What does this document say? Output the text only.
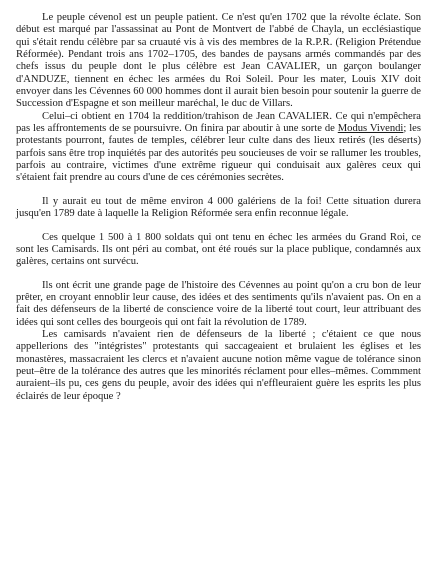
Le peuple cévenol est un peuple patient. Ce n'est qu'en 1702 que la révolte éclate. Son début est marqué par l'assassinat au Pont de Montvert de l'abbé de Chayla, un ecclésiastique qui s'était rendu célèbre par sa cruauté vis à vis des membres de la R.P.R. (Religion Prétendue Réformée). Pendant trois ans 1702–1705, des bandes de paysans armés commandés par des chefs issus du peuple dont le plus célèbre est Jean CAVALIER, un garçon boulanger d'ANDUZE, tiennent en échec les armées du Roi Soleil. Pour les mater, Louis XIV doit envoyer dans les Cévennes 60 000 hommes dont il aurait bien besoin pour soutenir la guerre de Succession d'Espagne et son meilleur maréchal, le duc de Villars.

Celui–ci obtient en 1704 la reddition/trahison de Jean CAVALIER. Ce qui n'empêchera pas les affrontements de se poursuivre. On finira par aboutir à une sorte de Modus Vivendi; les protestants pourront, fautes de temples, célébrer leur culte dans des lieux retirés (les déserts) parfois sans être trop inquiétés par des autorités peu soucieuses de voir se rallumer les troubles, parfois au contraire, victimes d'une extrême rigueur qui conduisait aux galères ceux qui s'étaient fait prendre au cours d'une de ces cérémonies secrètes.

Il y aurait eu tout de même environ 4 000 galériens de la foi! Cette situation durera jusqu'en 1789 date à laquelle la Religion Réformée sera enfin reconnue légale.

Ces quelque 1 500 à 1 800 soldats qui ont tenu en échec les armées du Grand Roi, ce sont les Camisards. Ils ont péri au combat, ont été roués sur la place publique, condamnés aux galères, certains ont survécu.

Ils ont écrit une grande page de l'histoire des Cévennes au point qu'on a cru bon de leur prêter, en croyant ennoblir leur cause, des idées et des sentiments qu'ils n'avaient pas. On en a fait des défenseurs de la liberté de conscience voire de la liberté tout court, leur attribuant des idées qui sont celles des bourgeois qui ont fait la révolution de 1789.

Les camisards n'avaient rien de défenseurs de la liberté ; c'étaient ce que nous appellerions des "intégristes" protestants qui saccageaient et brulaient les églises et les monastères, massacraient les clercs et n'avaient aucune notion même vague de tolérance sinon peut–être de la tolérance des autres que les minorités réclament pour elles–mêmes. Commment auraient–ils pu, ces gens du peuple, avoir des idées qui n'effleuraient guère les esprits les plus éclairés de leur époque ?
